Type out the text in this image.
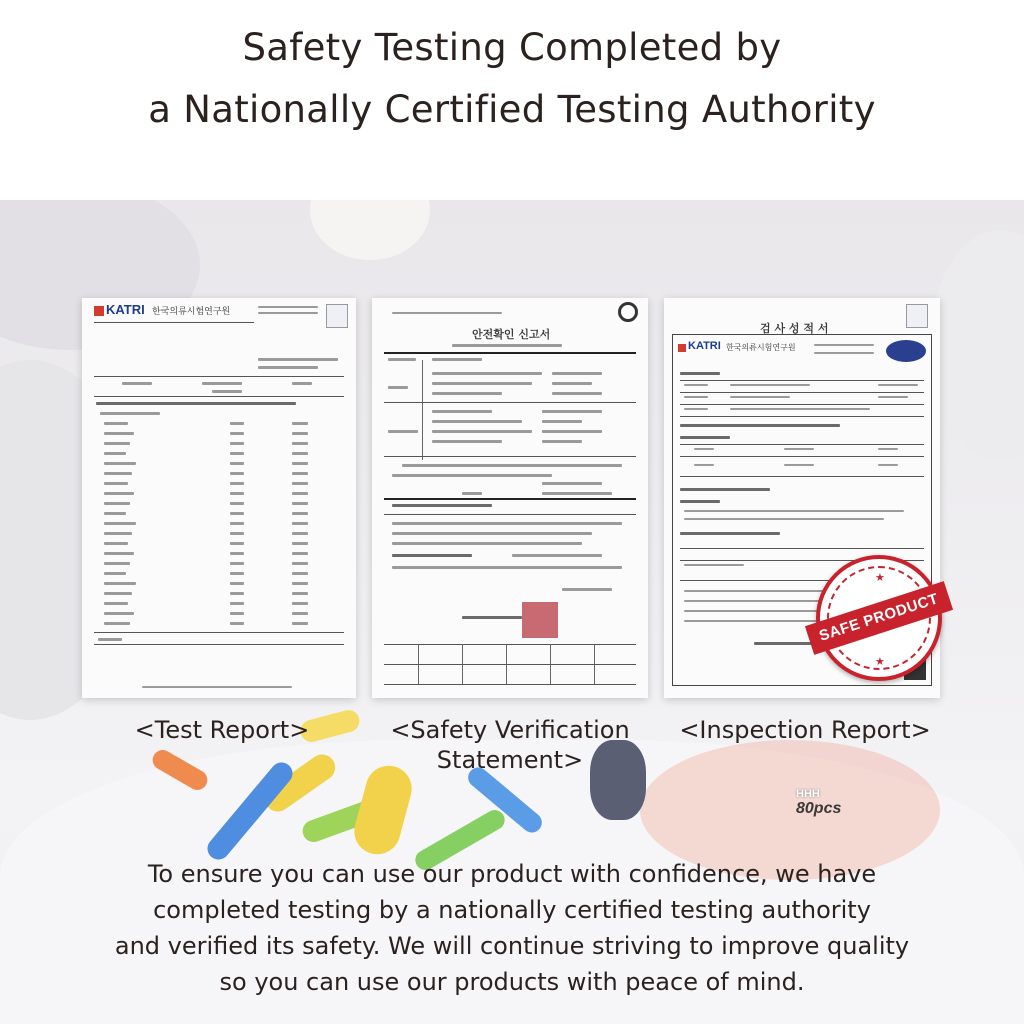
Safety Testing Completed by
a Nationally Certified Testing Authority
HHH
80pcs
KATRI 한국의류시험연구원
안전확인 신고서	검 사 성 적 서
KATRI 한국의류시험연구원
★
★
SAFE PRODUCT
<Test Report>	<Safety Verification
Statement>
<Inspection Report>
To ensure you can use our product with confidence, we have
completed testing by a nationally certified testing authority
and verified its safety. We will continue striving to improve quality
so you can use our products with peace of mind.
